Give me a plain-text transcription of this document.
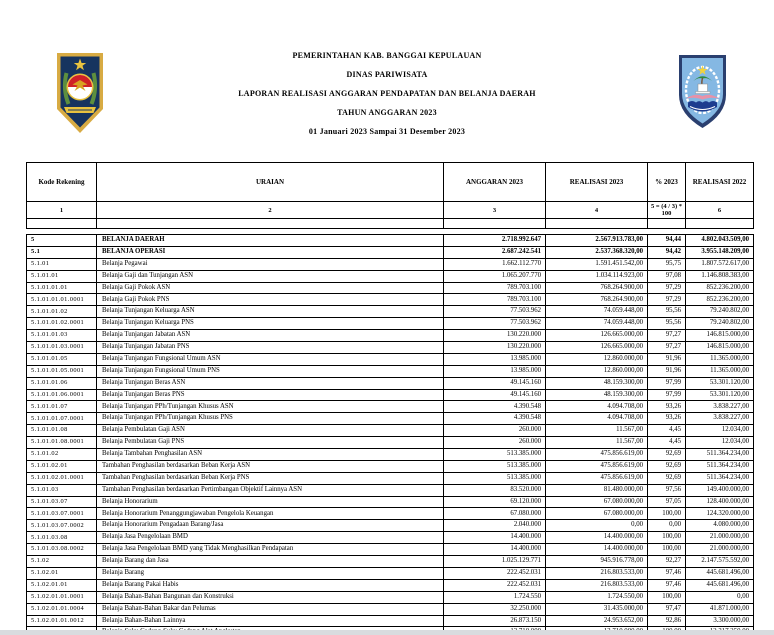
PEMERINTAHAN KAB. BANGGAI KEPULAUAN
DINAS PARIWISATA
LAPORAN REALISASI ANGGARAN PENDAPATAN DAN BELANJA DAERAH
TAHUN ANGGARAN 2023
01 Januari 2023 Sampai 31 Desember 2023
Kode Rekening	URAIAN	ANGGARAN 2023	REALISASI 2023	% 2023	REALISASI 2022
1	2	3	4	5 = (4 / 3) * 100	6

5	BELANJA DAERAH	2.718.992.647	2.567.913.783,00	94,44	4.802.043.509,00
5.1	BELANJA OPERASI	2.687.242.541	2.537.368.320,00	94,42	3.955.148.209,00
5.1.01	Belanja Pegawai	1.662.112.770	1.591.451.542,00	95,75	1.807.572.617,00
5.1.01.01	Belanja Gaji dan Tunjangan ASN	1.065.207.770	1.034.114.923,00	97,08	1.146.808.383,00
5.1.01.01.01	Belanja Gaji Pokok ASN	789.703.100	768.264.900,00	97,29	852.236.200,00
5.1.01.01.01.0001	Belanja Gaji Pokok PNS	789.703.100	768.264.900,00	97,29	852.236.200,00
5.1.01.01.02	Belanja Tunjangan Keluarga ASN	77.503.962	74.059.448,00	95,56	79.240.802,00
5.1.01.01.02.0001	Belanja Tunjangan Keluarga PNS	77.503.962	74.059.448,00	95,56	79.240.802,00
5.1.01.01.03	Belanja Tunjangan Jabatan ASN	130.220.000	126.665.000,00	97,27	146.815.000,00
5.1.01.01.03.0001	Belanja Tunjangan Jabatan PNS	130.220.000	126.665.000,00	97,27	146.815.000,00
5.1.01.01.05	Belanja Tunjangan Fungsional Umum ASN	13.985.000	12.860.000,00	91,96	11.365.000,00
5.1.01.01.05.0001	Belanja Tunjangan Fungsional Umum PNS	13.985.000	12.860.000,00	91,96	11.365.000,00
5.1.01.01.06	Belanja Tunjangan Beras ASN	49.145.160	48.159.300,00	97,99	53.301.120,00
5.1.01.01.06.0001	Belanja Tunjangan Beras PNS	49.145.160	48.159.300,00	97,99	53.301.120,00
5.1.01.01.07	Belanja Tunjangan PPh/Tunjangan Khusus ASN	4.390.548	4.094.708,00	93,26	3.838.227,00
5.1.01.01.07.0001	Belanja Tunjangan PPh/Tunjangan Khusus PNS	4.390.548	4.094.708,00	93,26	3.838.227,00
5.1.01.01.08	Belanja Pembulatan Gaji ASN	260.000	11.567,00	4,45	12.034,00
5.1.01.01.08.0001	Belanja Pembulatan Gaji PNS	260.000	11.567,00	4,45	12.034,00
5.1.01.02	Belanja Tambahan Penghasilan ASN	513.385.000	475.856.619,00	92,69	511.364.234,00
5.1.01.02.01	Tambahan Penghasilan berdasarkan Beban Kerja ASN	513.385.000	475.856.619,00	92,69	511.364.234,00
5.1.01.02.01.0001	Tambahan Penghasilan berdasarkan Beban Kerja PNS	513.385.000	475.856.619,00	92,69	511.364.234,00
5.1.01.03	Tambahan Penghasilan berdasarkan Pertimbangan Objektif Lainnya ASN	83.520.000	81.480.000,00	97,56	149.400.000,00
5.1.01.03.07	Belanja Honorarium	69.120.000	67.080.000,00	97,05	128.400.000,00
5.1.01.03.07.0001	Belanja Honorarium Penanggungjawaban Pengelola Keuangan	67.080.000	67.080.000,00	100,00	124.320.000,00
5.1.01.03.07.0002	Belanja Honorarium Pengadaan Barang/Jasa	2.040.000	0,00	0,00	4.080.000,00
5.1.01.03.08	Belanja Jasa Pengelolaan BMD	14.400.000	14.400.000,00	100,00	21.000.000,00
5.1.01.03.08.0002	Belanja Jasa Pengelolaan BMD yang Tidak Menghasilkan Pendapatan	14.400.000	14.400.000,00	100,00	21.000.000,00
5.1.02	Belanja Barang dan Jasa	1.025.129.771	945.916.778,00	92,27	2.147.575.592,00
5.1.02.01	Belanja Barang	222.452.031	216.803.533,00	97,46	445.681.496,00
5.1.02.01.01	Belanja Barang Pakai Habis	222.452.031	216.803.533,00	97,46	445.681.496,00
5.1.02.01.01.0001	Belanja Bahan-Bahan Bangunan dan Konstruksi	1.724.550	1.724.550,00	100,00	0,00
5.1.02.01.01.0004	Belanja Bahan-Bahan Bakar dan Pelumas	32.250.000	31.435.000,00	97,47	41.871.000,00
5.1.02.01.01.0012	Belanja Bahan-Bahan Lainnya	26.873.150	24.953.652,00	92,86	3.300.000,00
